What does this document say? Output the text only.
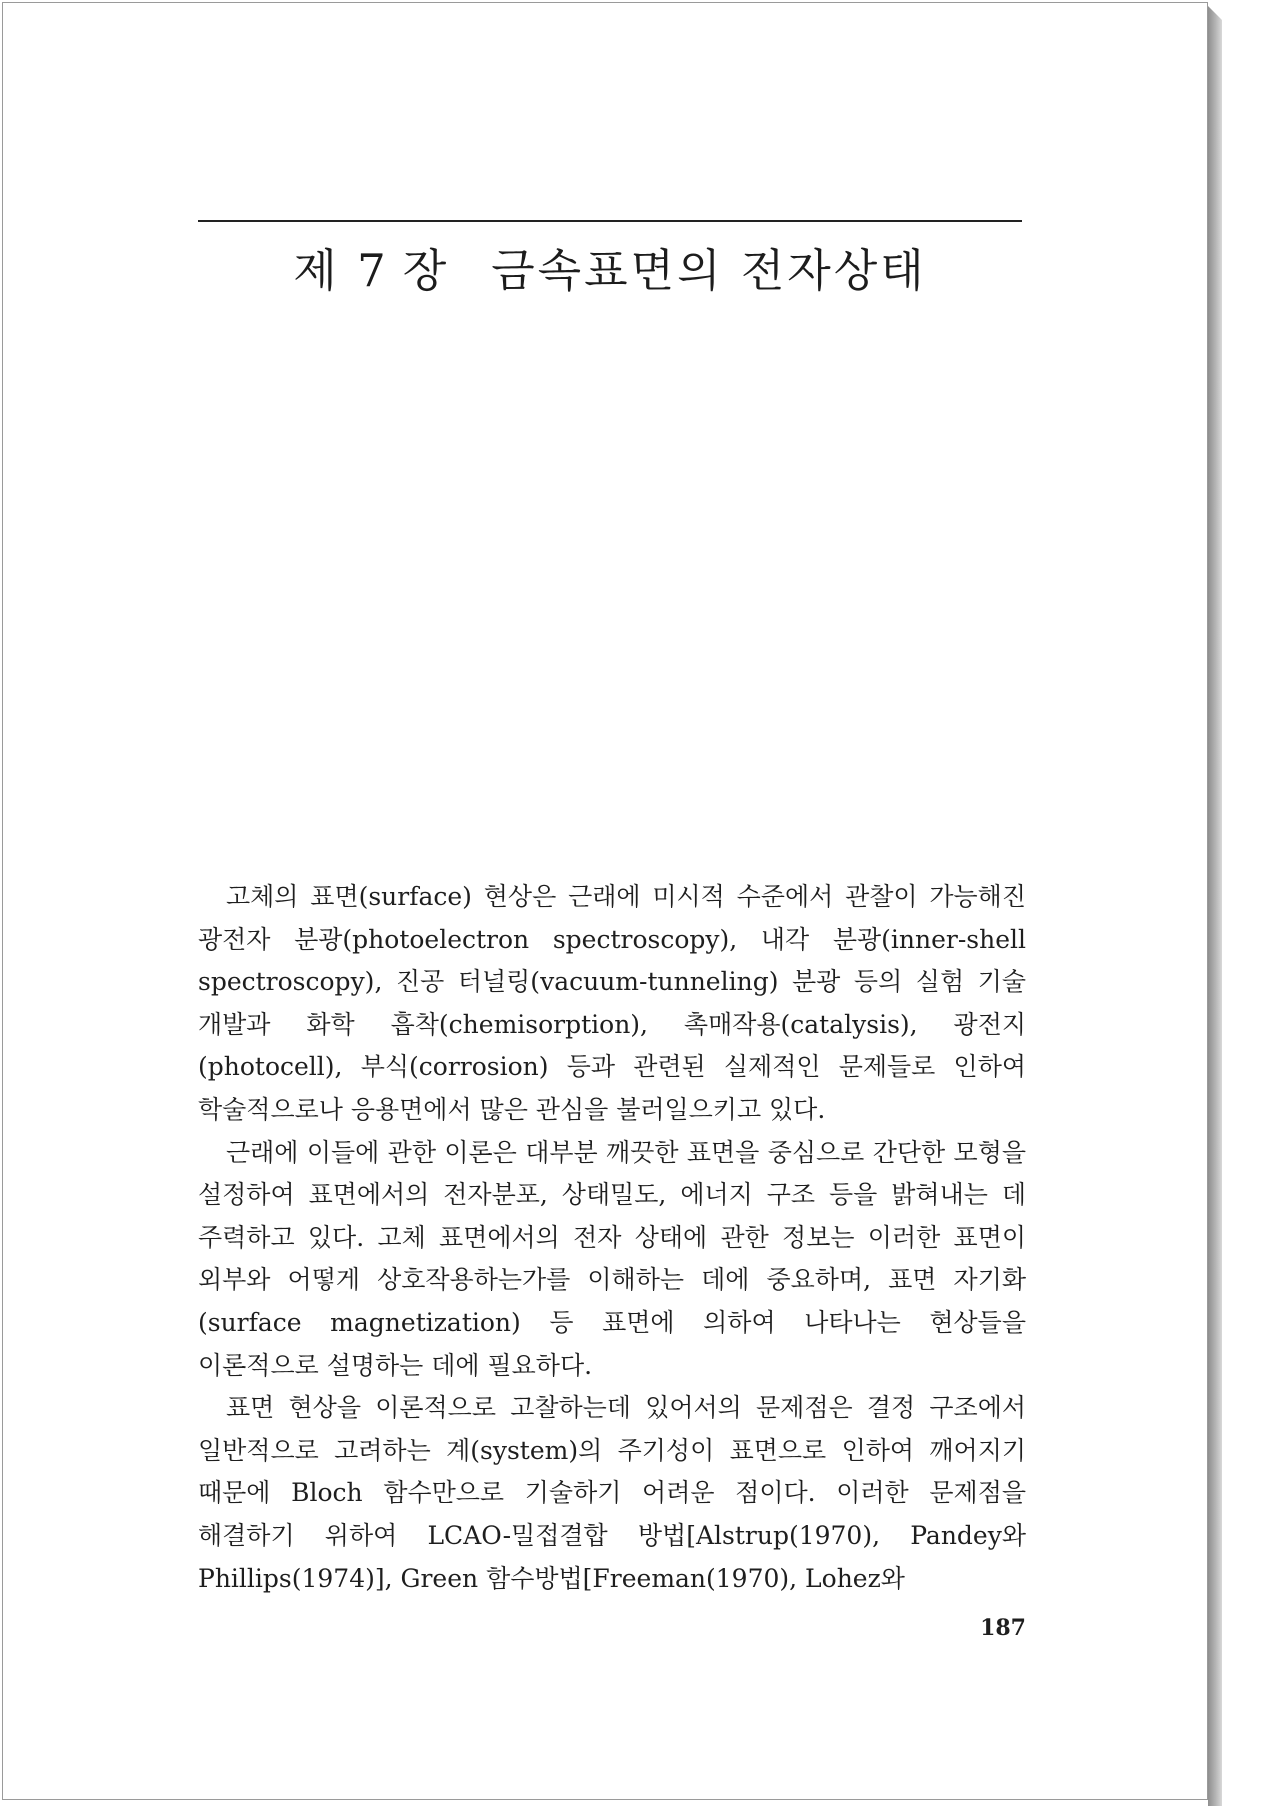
제 7 장 금속표면의 전자상태

고체의 표면(surface) 현상은 근래에 미시적 수준에서 관찰이 가능해진 광전자 분광(photoelectron spectroscopy), 내각 분광(inner-shell spectroscopy), 진공 터널링(vacuum-tunneling) 분광 등의 실험 기술 개발과 화학 흡착(chemisorption), 촉매작용(catalysis), 광전지(photocell), 부식(corrosion) 등과 관련된 실제적인 문제들로 인하여 학술적으로나 응용면에서 많은 관심을 불러일으키고 있다.

근래에 이들에 관한 이론은 대부분 깨끗한 표면을 중심으로 간단한 모형을 설정하여 표면에서의 전자분포, 상태밀도, 에너지 구조 등을 밝혀내는 데 주력하고 있다. 고체 표면에서의 전자 상태에 관한 정보는 이러한 표면이 외부와 어떻게 상호작용하는가를 이해하는 데에 중요하며, 표면 자기화(surface magnetization) 등 표면에 의하여 나타나는 현상들을 이론적으로 설명하는 데에 필요하다.

표면 현상을 이론적으로 고찰하는데 있어서의 문제점은 결정 구조에서 일반적으로 고려하는 계(system)의 주기성이 표면으로 인하여 깨어지기 때문에 Bloch 함수만으로 기술하기 어려운 점이다. 이러한 문제점을 해결하기 위하여 LCAO-밀접결합 방법[Alstrup(1970), Pandey와 Phillips(1974)], Green 함수방법[Freeman(1970), Lohez와

187
